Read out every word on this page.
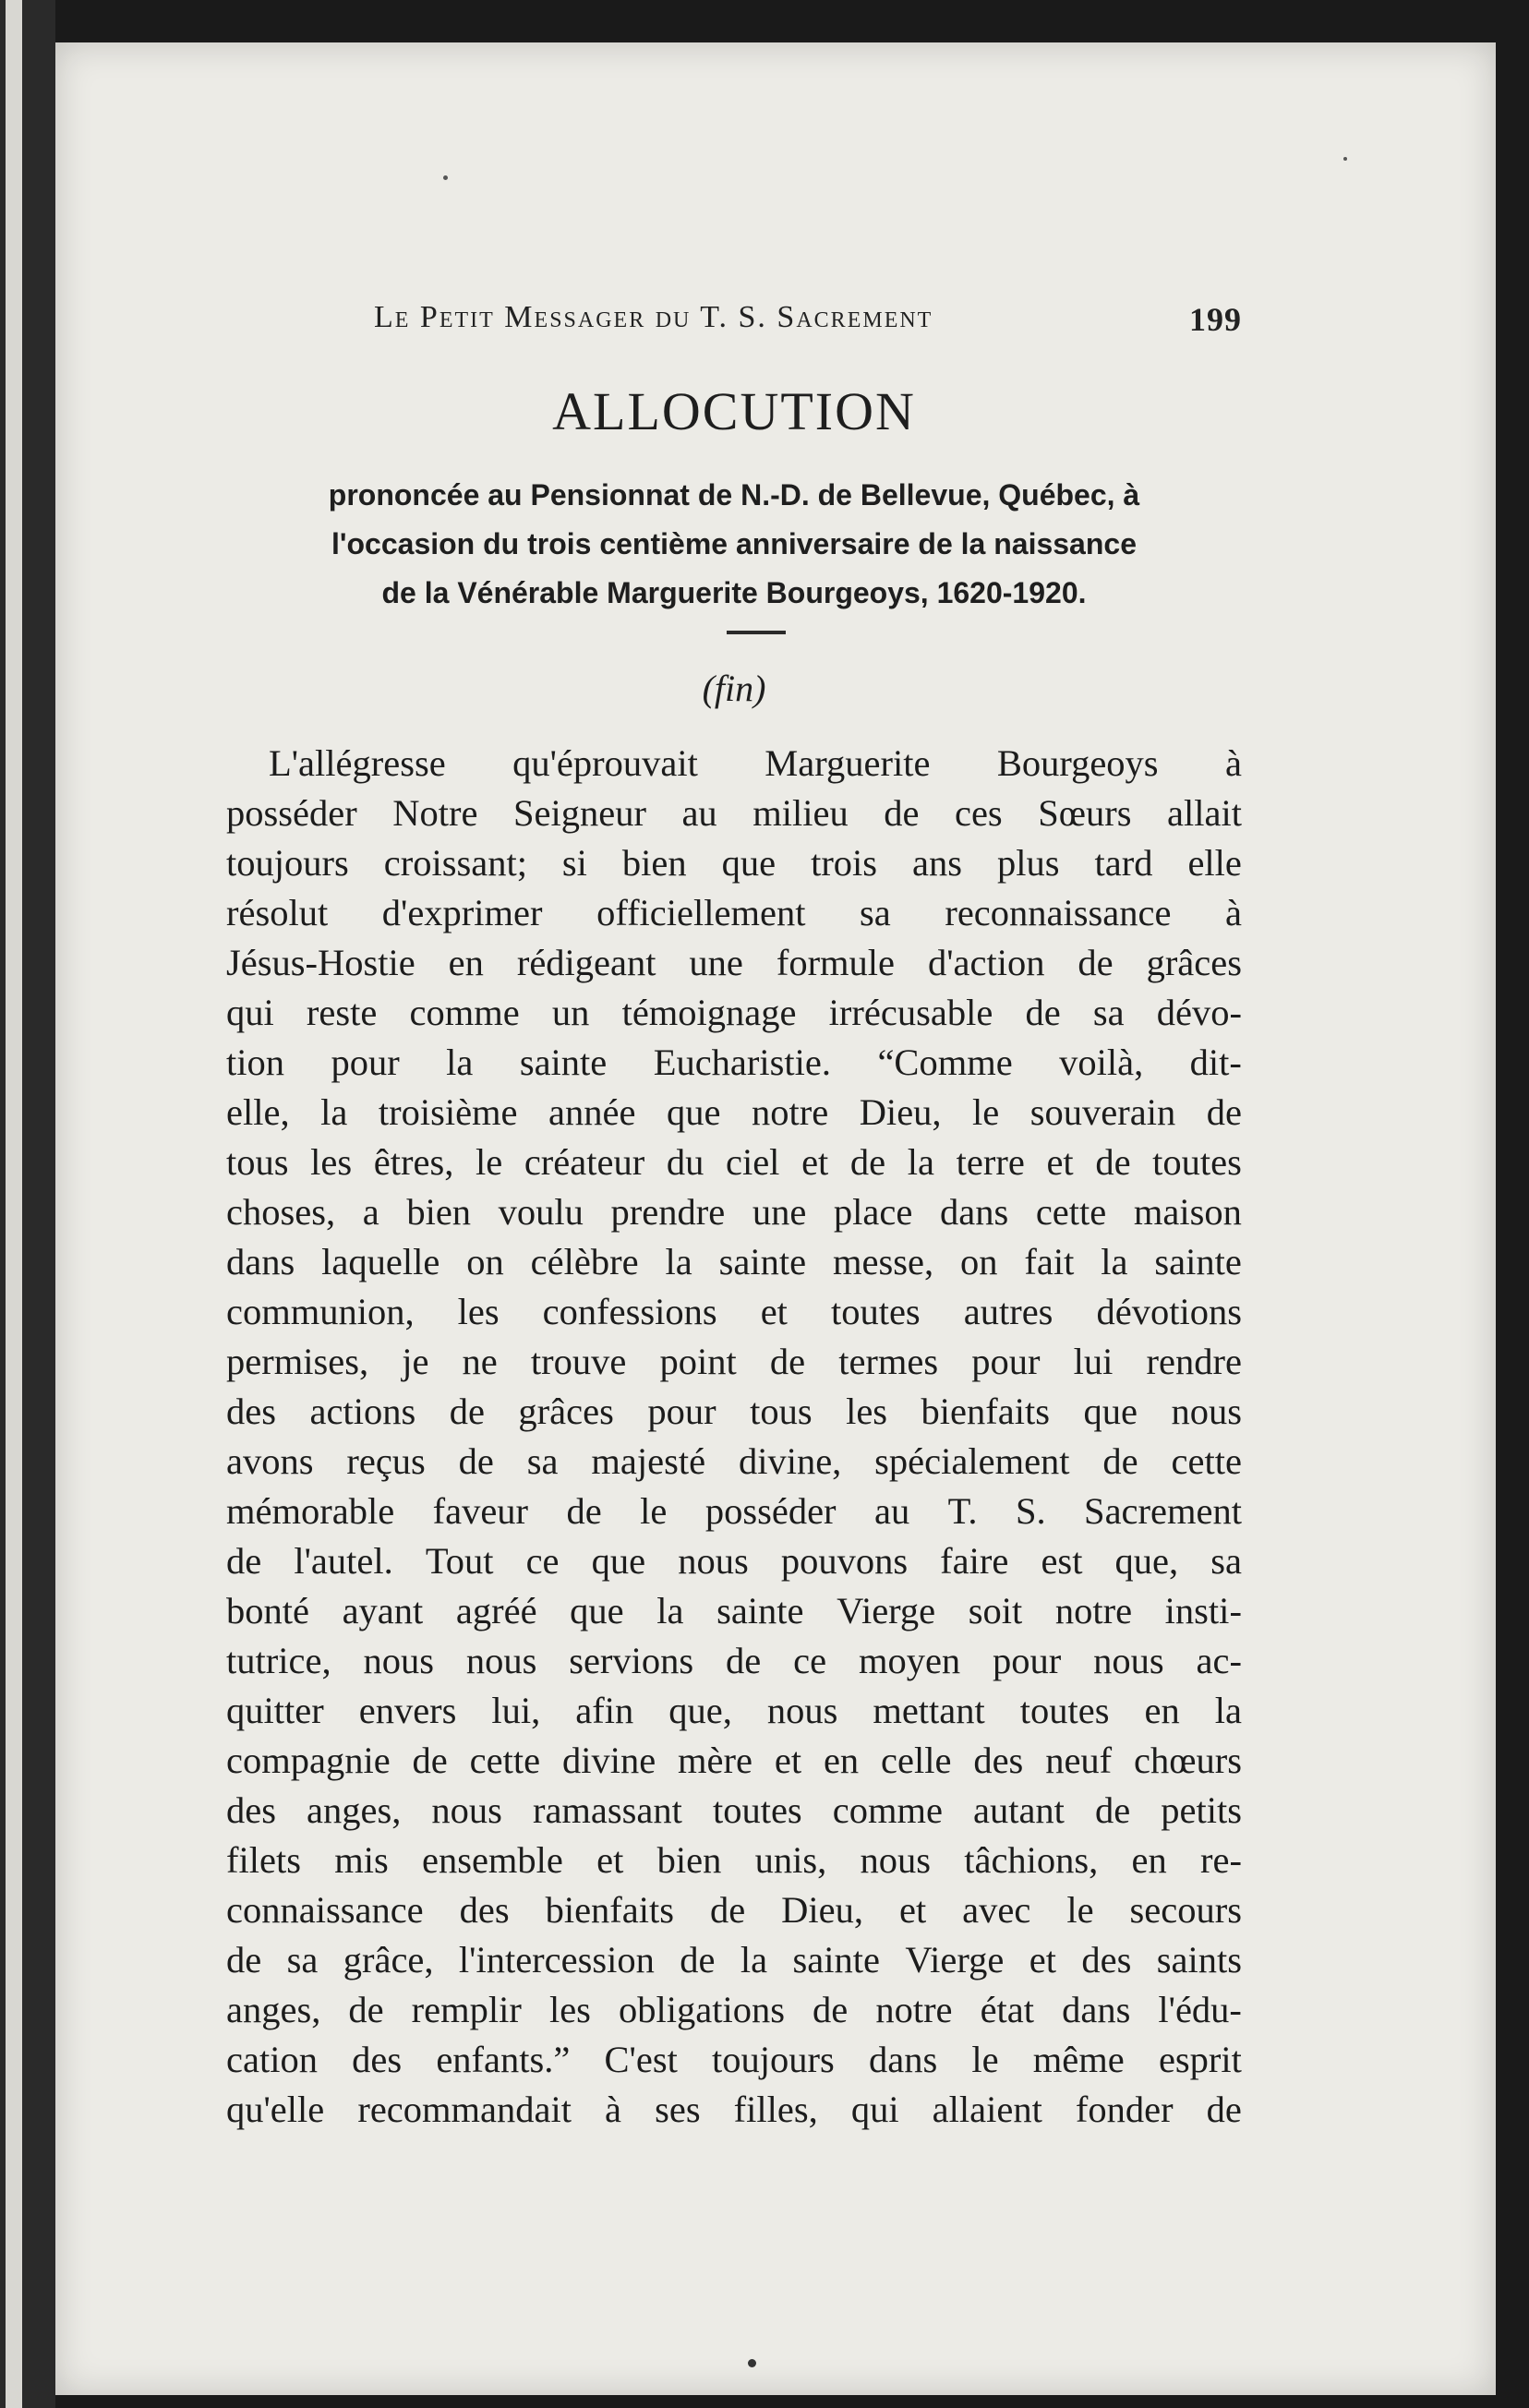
Le Petit Messager du T. S. Sacrement	199
ALLOCUTION
prononcée au Pensionnat de N.-D. de Bellevue, Québec, à
l'occasion du trois centième anniversaire de la naissance
de la Vénérable Marguerite Bourgeoys, 1620-1920.
(fin)
L'allégresse qu'éprouvait Marguerite Bourgeoys à
posséder Notre Seigneur au milieu de ces Sœurs allait
toujours croissant; si bien que trois ans plus tard elle
résolut d'exprimer officiellement sa reconnaissance à
Jésus-Hostie en rédigeant une formule d'action de grâces
qui reste comme un témoignage irrécusable de sa dévo-
tion pour la sainte Eucharistie. “Comme voilà, dit-
elle, la troisième année que notre Dieu, le souverain de
tous les êtres, le créateur du ciel et de la terre et de toutes
choses, a bien voulu prendre une place dans cette maison
dans laquelle on célèbre la sainte messe, on fait la sainte
communion, les confessions et toutes autres dévotions
permises, je ne trouve point de termes pour lui rendre
des actions de grâces pour tous les bienfaits que nous
avons reçus de sa majesté divine, spécialement de cette
mémorable faveur de le posséder au T. S. Sacrement
de l'autel. Tout ce que nous pouvons faire est que, sa
bonté ayant agréé que la sainte Vierge soit notre insti-
tutrice, nous nous servions de ce moyen pour nous ac-
quitter envers lui, afin que, nous mettant toutes en la
compagnie de cette divine mère et en celle des neuf chœurs
des anges, nous ramassant toutes comme autant de petits
filets mis ensemble et bien unis, nous tâchions, en re-
connaissance des bienfaits de Dieu, et avec le secours
de sa grâce, l'intercession de la sainte Vierge et des saints
anges, de remplir les obligations de notre état dans l'édu-
cation des enfants.” C'est toujours dans le même esprit
qu'elle recommandait à ses filles, qui allaient fonder de
